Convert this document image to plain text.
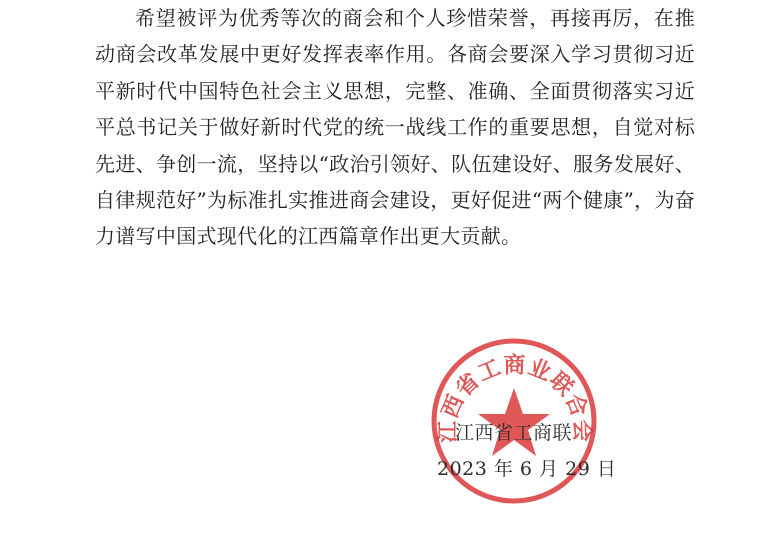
希望被评为优秀等次的商会和个人珍惜荣誉，再接再厉，在推动商会改革发展中更好发挥表率作用。各商会要深入学习贯彻习近平新时代中国特色社会主义思想，完整、准确、全面贯彻落实习近平总书记关于做好新时代党的统一战线工作的重要思想，自觉对标先进、争创一流，坚持以“政治引领好、队伍建设好、服务发展好、自律规范好”为标准扎实推进商会建设，更好促进“两个健康”，为奋力谱写中国式现代化的江西篇章作出更大贡献。

江西省工商业联合会
江西省工商联
2023 年 6 月 29 日
